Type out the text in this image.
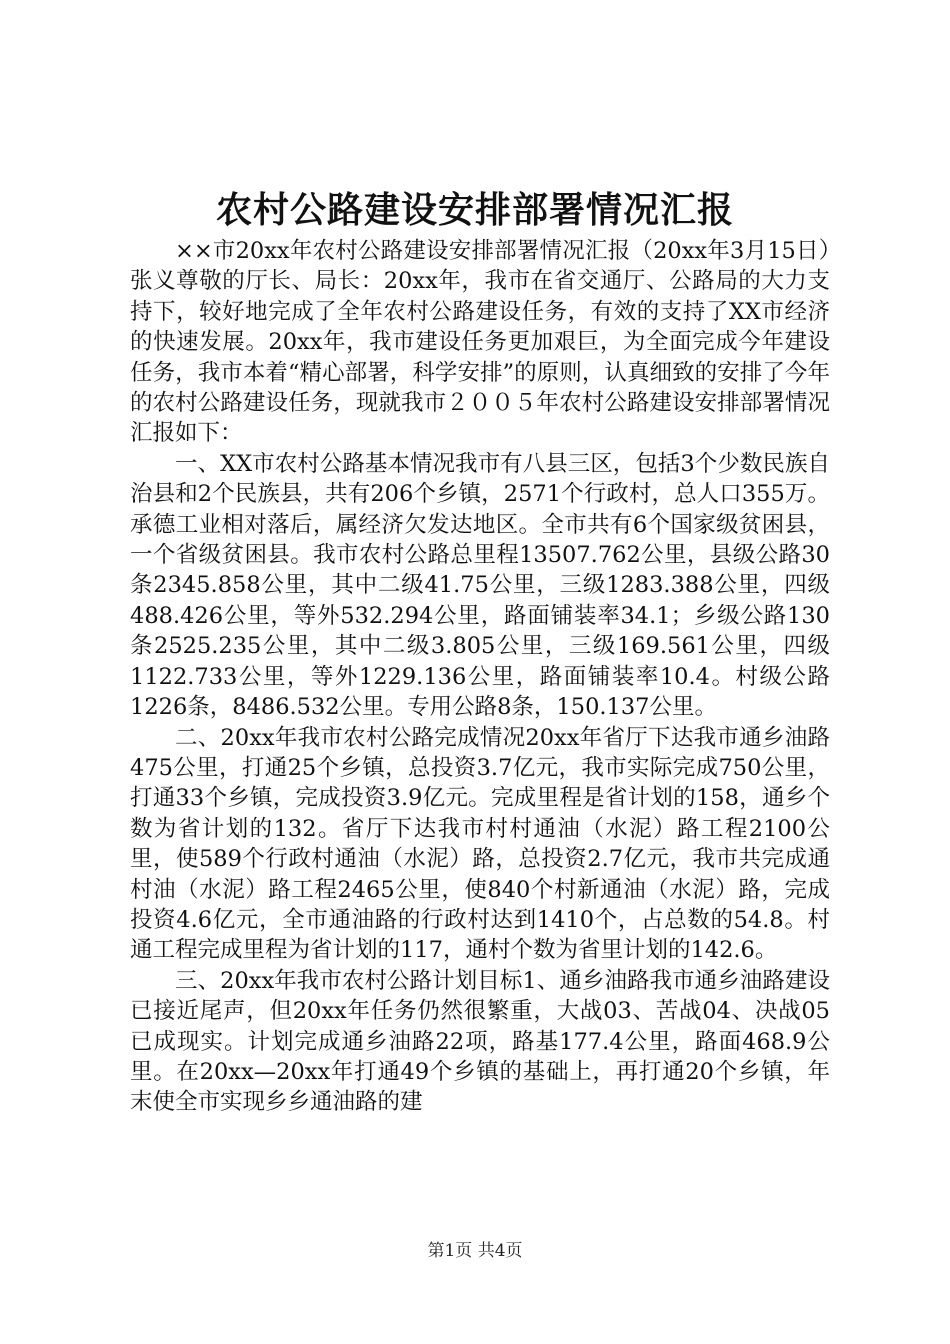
农村公路建设安排部署情况汇报

××市20xx年农村公路建设安排部署情况汇报（20xx年3月15日）张义尊敬的厅长、局长：20xx年，我市在省交通厅、公路局的大力支持下，较好地完成了全年农村公路建设任务，有效的支持了XX市经济的快速发展。20xx年，我市建设任务更加艰巨，为全面完成今年建设任务，我市本着“精心部署，科学安排”的原则，认真细致的安排了今年的农村公路建设任务，现就我市２００５年农村公路建设安排部署情况汇报如下：

一、XX市农村公路基本情况我市有八县三区，包括3个少数民族自治县和2个民族县，共有206个乡镇，2571个行政村，总人口355万。承德工业相对落后，属经济欠发达地区。全市共有6个国家级贫困县，一个省级贫困县。我市农村公路总里程13507.762公里，县级公路30条2345.858公里，其中二级41.75公里，三级1283.388公里，四级488.426公里，等外532.294公里，路面铺装率34.1；乡级公路130条2525.235公里，其中二级3.805公里，三级169.561公里，四级1122.733公里，等外1229.136公里，路面铺装率10.4。村级公路1226条，8486.532公里。专用公路8条，150.137公里。

二、20xx年我市农村公路完成情况20xx年省厅下达我市通乡油路475公里，打通25个乡镇，总投资3.7亿元，我市实际完成750公里，打通33个乡镇，完成投资3.9亿元。完成里程是省计划的158，通乡个数为省计划的132。省厅下达我市村村通油（水泥）路工程2100公里，使589个行政村通油（水泥）路，总投资2.7亿元，我市共完成通村油（水泥）路工程2465公里，使840个村新通油（水泥）路，完成投资4.6亿元，全市通油路的行政村达到1410个，占总数的54.8。村通工程完成里程为省计划的117，通村个数为省里计划的142.6。

三、20xx年我市农村公路计划目标1、通乡油路我市通乡油路建设已接近尾声，但20xx年任务仍然很繁重，大战03、苦战04、决战05已成现实。计划完成通乡油路22项，路基177.4公里，路面468.9公里。在20xx—20xx年打通49个乡镇的基础上，再打通20个乡镇，年末使全市实现乡乡通油路的建

第1页 共4页
